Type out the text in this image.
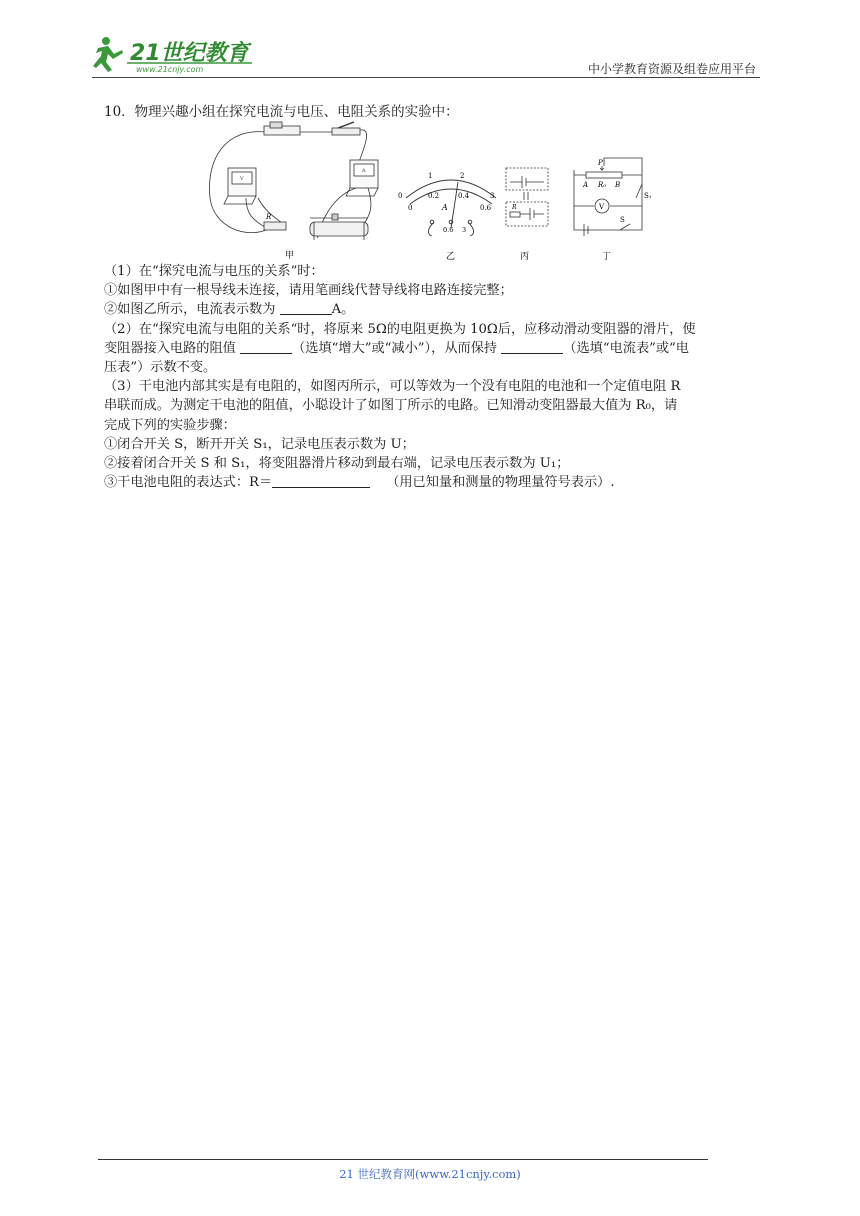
21世纪教育
www.21cnjy.com	中小学教育资源及组卷应用平台
10．物理兴趣小组在探究电流与电压、电阻关系的实验中：
R
V
A
甲
0
1	2
3
0
0.2	0.4
0.6
A
0.6 3
乙
R
丙
P
A R₀ B
V
S₁
S
丁
（1）在“探究电流与电压的关系”时：
①如图甲中有一根导线未连接，请用笔画线代替导线将电路连接完整；
②如图乙所示，电流表示数为	A。
（2）在“探究电流与电阻的关系“时，将原来 5Ω的电阻更换为 10Ω后，应移动滑动变阻器的滑片，使
变阻器接入电路的阻值	（选填“增大”或“减小”），从而保持	（选填“电流表”或“电
压表”）示数不变。
（3）干电池内部其实是有电阻的，如图丙所示，可以等效为一个没有电阻的电池和一个定值电阻 R
串联而成。为测定干电池的阻值，小聪设计了如图丁所示的电路。已知滑动变阻器最大值为 R₀，请
完成下列的实验步骤：
①闭合开关 S，断开开关 S₁，记录电压表示数为 U；
②接着闭合开关 S 和 S₁，将变阻器滑片移动到最右端，记录电压表示数为 U₁；
③干电池电阻的表达式：R＝	（用已知量和测量的物理量符号表示）.
21 世纪教育网(www.21cnjy.com)
